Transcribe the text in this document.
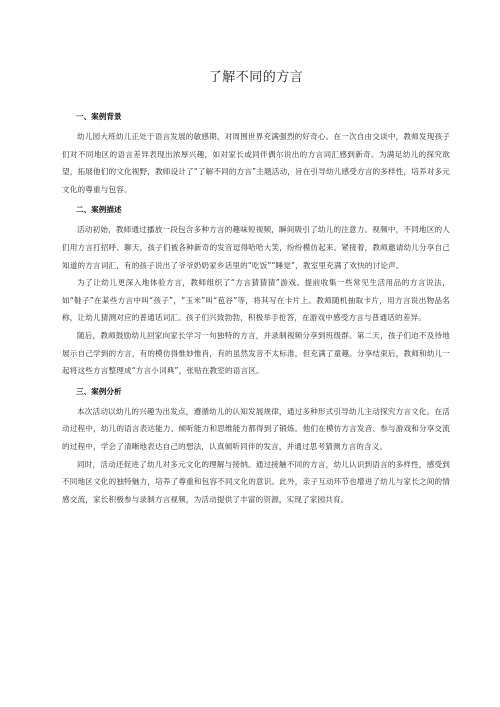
了解不同的方言
一、案例背景

幼儿园大班幼儿正处于语言发展的敏感期，对周围世界充满强烈的好奇心。在一次自由交谈中，教师发现孩子们对不同地区的语言差异表现出浓厚兴趣，如对家长或同伴偶尔说出的方言词汇感到新奇。为满足幼儿的探究欲望，拓展他们的文化视野，教师设计了“了解不同的方言”主题活动，旨在引导幼儿感受方言的多样性，培养对多元文化的尊重与包容。

二、案例描述

活动初始，教师通过播放一段包含多种方言的趣味短视频，瞬间吸引了幼儿的注意力。视频中，不同地区的人们用方言打招呼、聊天，孩子们被各种新奇的发音逗得哈哈大笑，纷纷模仿起来。紧接着，教师邀请幼儿分享自己知道的方言词汇，有的孩子说出了爷爷奶奶家乡话里的“吃饭”“睡觉”，教室里充满了欢快的讨论声。

为了让幼儿更深入地体验方言，教师组织了“方言猜猜猜”游戏。提前收集一些常见生活用品的方言说法，如“鞋子”在某些方言中叫“孩子”，“玉米”叫“苞谷”等，将其写在卡片上。教师随机抽取卡片，用方言说出物品名称，让幼儿猜测对应的普通话词汇。孩子们兴致勃勃，积极举手抢答，在游戏中感受方言与普通话的差异。

随后，教师鼓励幼儿回家向家长学习一句独特的方言，并录制视频分享到班级群。第二天，孩子们迫不及待地展示自己学到的方言，有的模仿得惟妙惟肖，有的虽然发音不太标准，但充满了童趣。分享结束后，教师和幼儿一起将这些方言整理成“方言小词典”，张贴在教室的语言区。

三、案例分析

本次活动以幼儿的兴趣为出发点，遵循幼儿的认知发展规律，通过多种形式引导幼儿主动探究方言文化。在活动过程中，幼儿的语言表达能力、倾听能力和思维能力都得到了锻炼。他们在模仿方言发音、参与游戏和分享交流的过程中，学会了清晰地表达自己的想法，认真倾听同伴的发言，并通过思考猜测方言的含义。

同时，活动还促进了幼儿对多元文化的理解与接纳。通过接触不同的方言，幼儿认识到语言的多样性，感受到不同地区文化的独特魅力，培养了尊重和包容不同文化的意识。此外，亲子互动环节也增进了幼儿与家长之间的情感交流，家长积极参与录制方言视频，为活动提供了丰富的资源，实现了家园共育。
